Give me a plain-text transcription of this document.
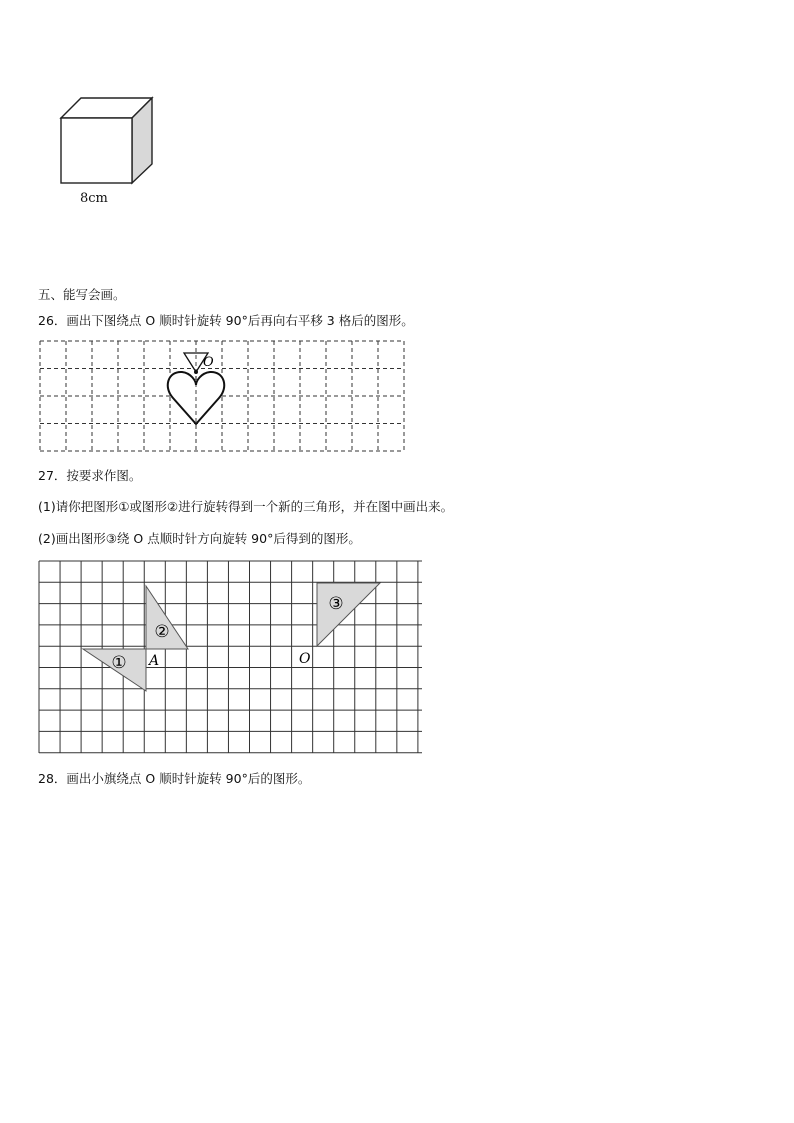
8cm
五、能写会画。
26．画出下图绕点 O 顺时针旋转 90°后再向右平移 3 格后的图形。
O
27．按要求作图。
(1)请你把图形①或图形②进行旋转得到一个新的三角形，并在图中画出来。
(2)画出图形③绕 O 点顺时针方向旋转 90°后得到的图形。
①
②
A
③
O
28．画出小旗绕点 O 顺时针旋转 90°后的图形。
